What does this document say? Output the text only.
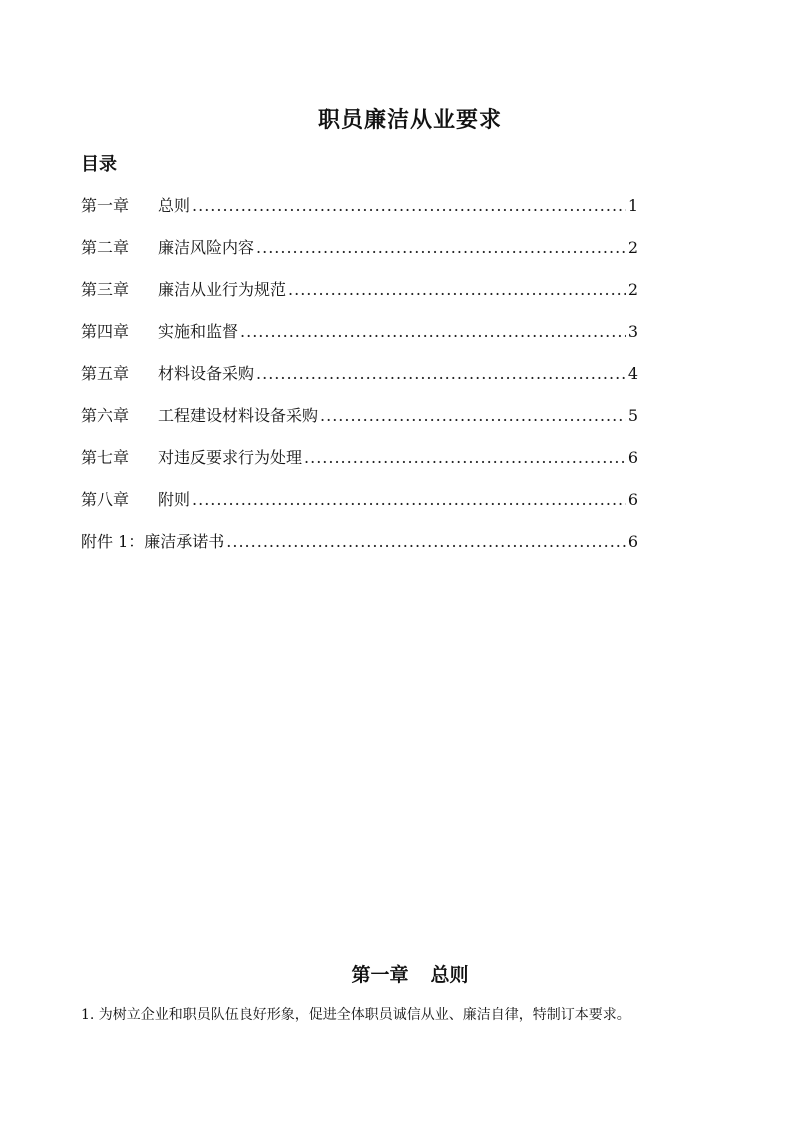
职员廉洁从业要求
目录
第一章	总则 .....	1
第二章	廉洁风险内容 .....	2
第三章	廉洁从业行为规范 .....	2
第四章	实施和监督 .....	3
第五章	材料设备采购 .....	4
第六章	工程建设材料设备采购 .....	5
第七章	对违反要求行为处理 .....	6
第八章	附则 .....	6
附件 1： 廉洁承诺书 .....	6
第一章 总则
1. 为树立企业和职员队伍良好形象，促进全体职员诚信从业、廉洁自律，特制订本要求。
